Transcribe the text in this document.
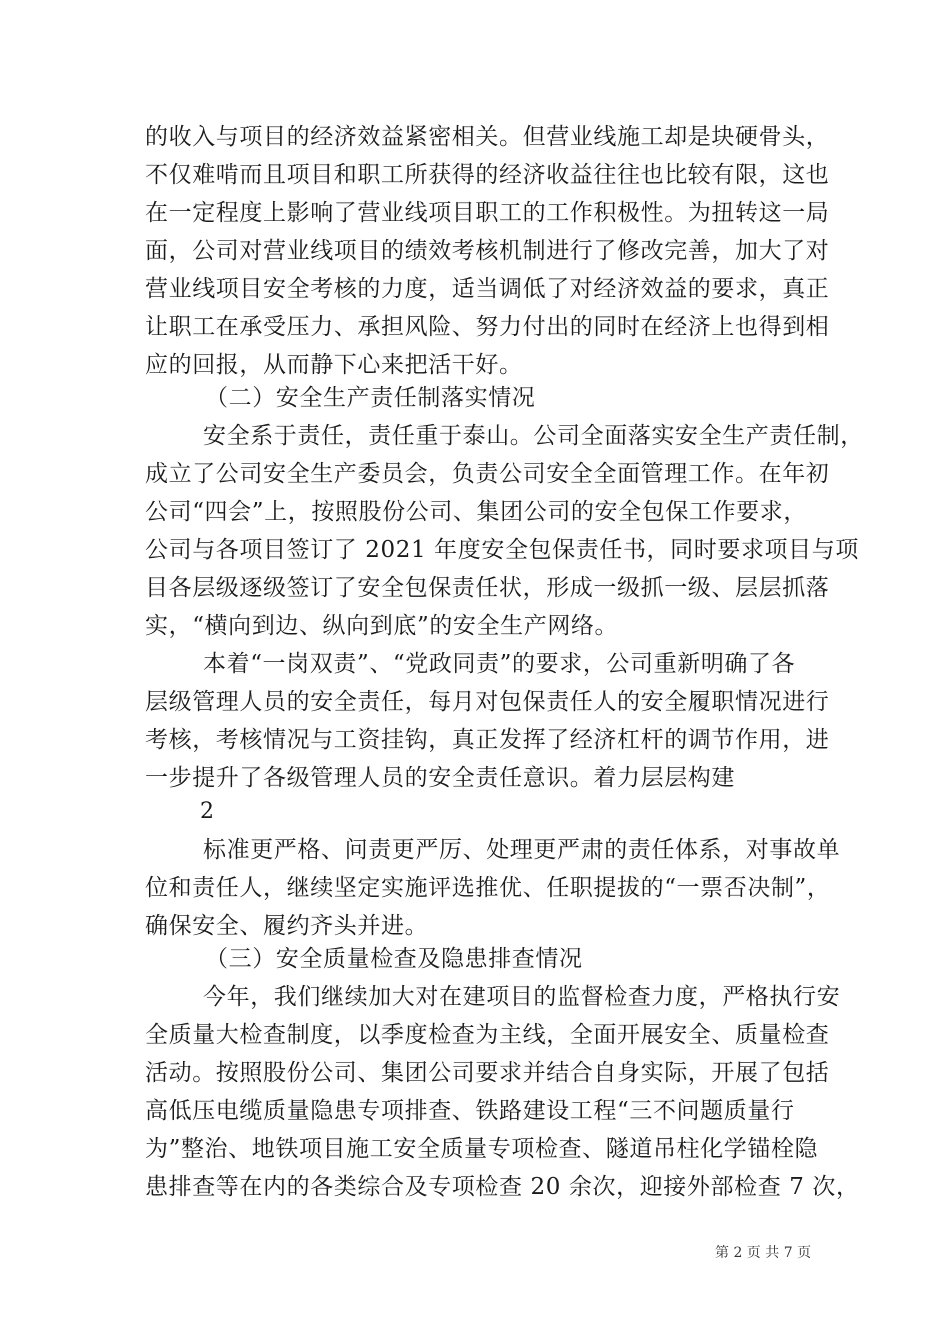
的收入与项目的经济效益紧密相关。但营业线施工却是块硬骨头，
不仅难啃而且项目和职工所获得的经济收益往往也比较有限，这也
在一定程度上影响了营业线项目职工的工作积极性。为扭转这一局
面，公司对营业线项目的绩效考核机制进行了修改完善，加大了对
营业线项目安全考核的力度，适当调低了对经济效益的要求，真正
让职工在承受压力、承担风险、努力付出的同时在经济上也得到相
应的回报，从而静下心来把活干好。
（二）安全生产责任制落实情况
安全系于责任，责任重于泰山。公司全面落实安全生产责任制，
成立了公司安全生产委员会，负责公司安全全面管理工作。在年初
公司“四会”上，按照股份公司、集团公司的安全包保工作要求，
公司与各项目签订了 2021 年度安全包保责任书，同时要求项目与项
目各层级逐级签订了安全包保责任状，形成一级抓一级、层层抓落
实，“横向到边、纵向到底”的安全生产网络。
本着“一岗双责”、“党政同责”的要求，公司重新明确了各
层级管理人员的安全责任，每月对包保责任人的安全履职情况进行
考核，考核情况与工资挂钩，真正发挥了经济杠杆的调节作用，进
一步提升了各级管理人员的安全责任意识。着力层层构建
2
标准更严格、问责更严厉、处理更严肃的责任体系，对事故单
位和责任人，继续坚定实施评选推优、任职提拔的“一票否决制”，
确保安全、履约齐头并进。
（三）安全质量检查及隐患排查情况
今年，我们继续加大对在建项目的监督检查力度，严格执行安
全质量大检查制度，以季度检查为主线，全面开展安全、质量检查
活动。按照股份公司、集团公司要求并结合自身实际，开展了包括
高低压电缆质量隐患专项排查、铁路建设工程“三不问题质量行
为”整治、地铁项目施工安全质量专项检查、隧道吊柱化学锚栓隐
患排查等在内的各类综合及专项检查 20 余次，迎接外部检查 7 次，
第 2 页 共 7 页
